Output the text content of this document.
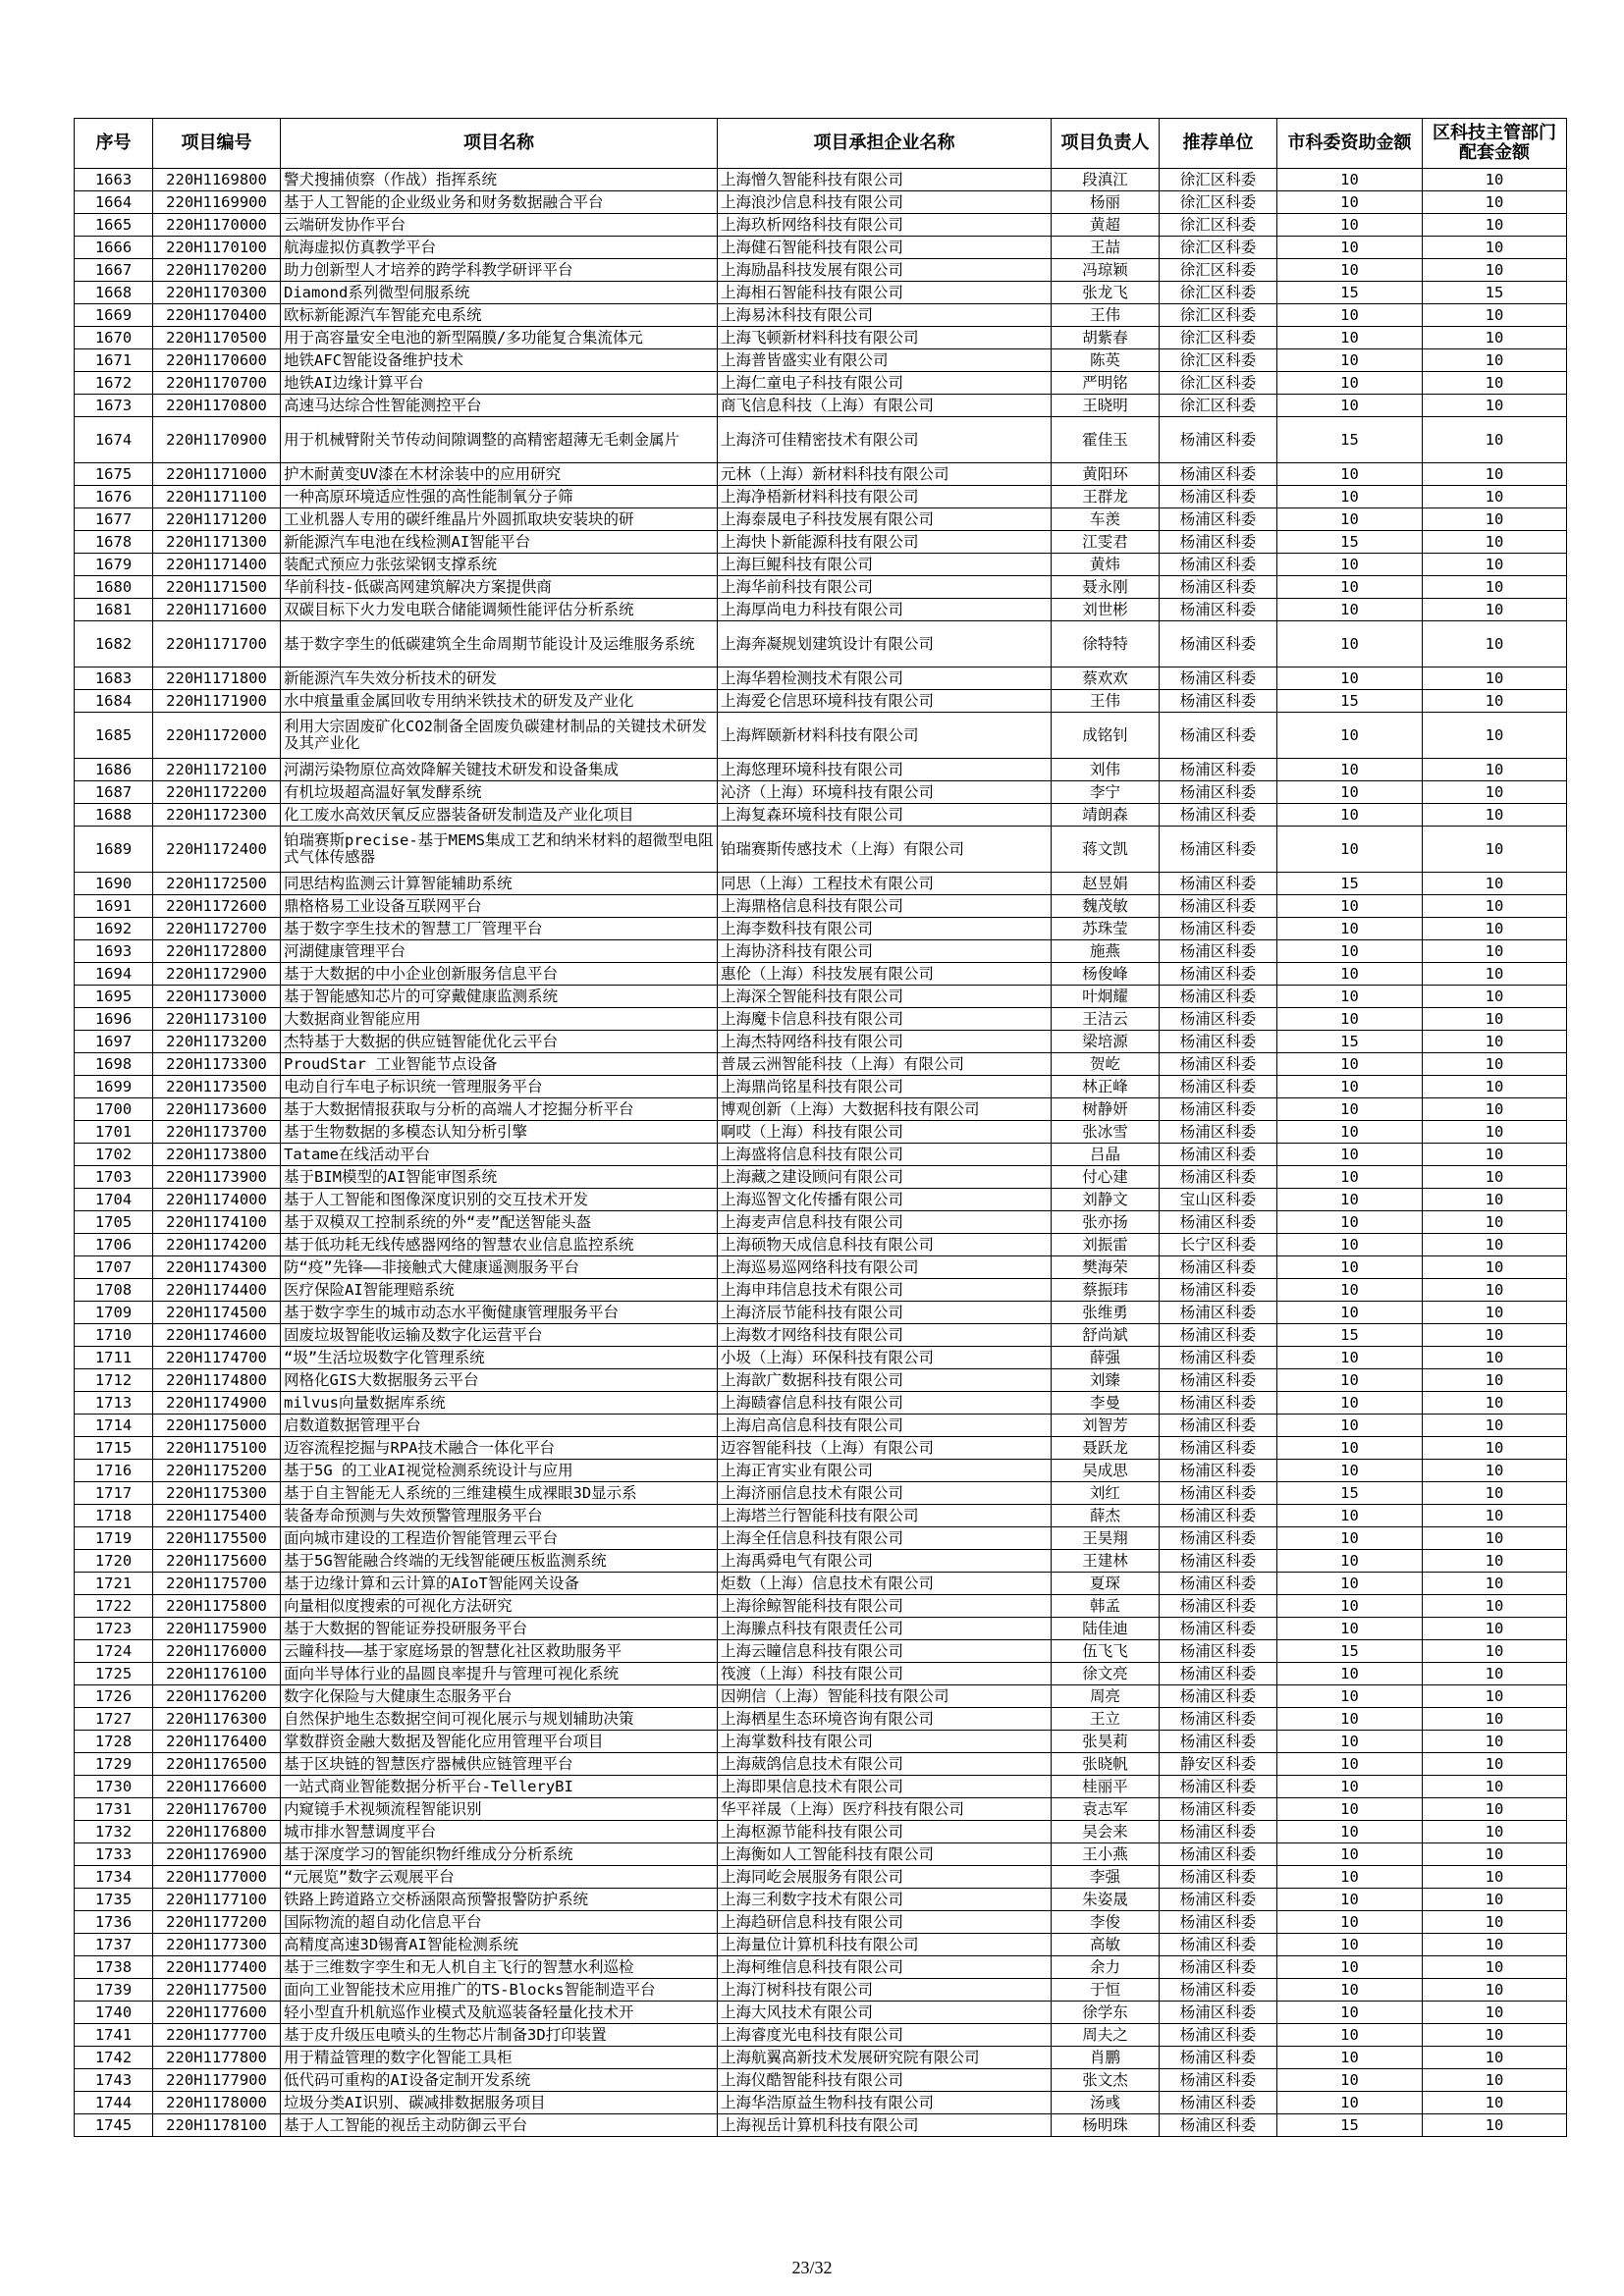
序号	项目编号	项目名称	项目承担企业名称	项目负责人	推荐单位	市科委资助金额	区科技主管部门配套金额
1663	220H1169800	警犬搜捕侦察（作战）指挥系统	上海憎久智能科技有限公司	段滇江	徐汇区科委	10	10
1664	220H1169900	基于人工智能的企业级业务和财务数据融合平台	上海浪沙信息科技有限公司	杨丽	徐汇区科委	10	10
1665	220H1170000	云端研发协作平台	上海玖析网络科技有限公司	黄超	徐汇区科委	10	10
1666	220H1170100	航海虚拟仿真教学平台	上海健石智能科技有限公司	王喆	徐汇区科委	10	10
1667	220H1170200	助力创新型人才培养的跨学科教学研评平台	上海励晶科技发展有限公司	冯琼颖	徐汇区科委	10	10
1668	220H1170300	Diamond系列微型伺服系统	上海相石智能科技有限公司	张龙飞	徐汇区科委	15	15
1669	220H1170400	欧标新能源汽车智能充电系统	上海易沐科技有限公司	王伟	徐汇区科委	10	10
1670	220H1170500	用于高容量安全电池的新型隔膜/多功能复合集流体元	上海飞顿新材料科技有限公司	胡紫春	徐汇区科委	10	10
1671	220H1170600	地铁AFC智能设备维护技术	上海普皆盛实业有限公司	陈英	徐汇区科委	10	10
1672	220H1170700	地铁AI边缘计算平台	上海仁童电子科技有限公司	严明铭	徐汇区科委	10	10
1673	220H1170800	高速马达综合性智能测控平台	商飞信息科技（上海）有限公司	王晓明	徐汇区科委	10	10
1674	220H1170900	用于机械臂附关节传动间隙调整的高精密超薄无毛刺金属片	上海济可佳精密技术有限公司	霍佳玉	杨浦区科委	15	10
1675	220H1171000	护木耐黄变UV漆在木材涂装中的应用研究	元林（上海）新材料科技有限公司	黄阳环	杨浦区科委	10	10
1676	220H1171100	一种高原环境适应性强的高性能制氧分子筛	上海净梧新材料科技有限公司	王群龙	杨浦区科委	10	10
1677	220H1171200	工业机器人专用的碳纤维晶片外圆抓取块安装块的研	上海泰晟电子科技发展有限公司	车羡	杨浦区科委	10	10
1678	220H1171300	新能源汽车电池在线检测AI智能平台	上海快卜新能源科技有限公司	江雯君	杨浦区科委	15	10
1679	220H1171400	装配式预应力张弦梁钢支撑系统	上海巨鲲科技有限公司	黄炜	杨浦区科委	10	10
1680	220H1171500	华前科技-低碳高网建筑解决方案提供商	上海华前科技有限公司	聂永刚	杨浦区科委	10	10
1681	220H1171600	双碳目标下火力发电联合储能调频性能评估分析系统	上海厚尚电力科技有限公司	刘世彬	杨浦区科委	10	10
1682	220H1171700	基于数字孪生的低碳建筑全生命周期节能设计及运维服务系统	上海奔凝规划建筑设计有限公司	徐特特	杨浦区科委	10	10
1683	220H1171800	新能源汽车失效分析技术的研发	上海华碧检测技术有限公司	蔡欢欢	杨浦区科委	10	10
1684	220H1171900	水中痕量重金属回收专用纳米铁技术的研发及产业化	上海爱仑信思环境科技有限公司	王伟	杨浦区科委	15	10
1685	220H1172000	利用大宗固废矿化CO2制备全固废负碳建材制品的关键技术研发及其产业化	上海辉颐新材料科技有限公司	成铭钊	杨浦区科委	10	10
1686	220H1172100	河湖污染物原位高效降解关键技术研发和设备集成	上海悠理环境科技有限公司	刘伟	杨浦区科委	10	10
1687	220H1172200	有机垃圾超高温好氧发酵系统	沁济（上海）环境科技有限公司	李宁	杨浦区科委	10	10
1688	220H1172300	化工废水高效厌氧反应器装备研发制造及产业化项目	上海复森环境科技有限公司	靖朗森	杨浦区科委	10	10
1689	220H1172400	铂瑞赛斯precise-基于MEMS集成工艺和纳米材料的超微型电阻式气体传感器	铂瑞赛斯传感技术（上海）有限公司	蒋文凯	杨浦区科委	10	10
1690	220H1172500	同思结构监测云计算智能辅助系统	同思（上海）工程技术有限公司	赵昱娟	杨浦区科委	15	10
1691	220H1172600	鼎格格易工业设备互联网平台	上海鼎格信息科技有限公司	魏茂敏	杨浦区科委	10	10
1692	220H1172700	基于数字孪生技术的智慧工厂管理平台	上海李数科技有限公司	苏珠莹	杨浦区科委	10	10
1693	220H1172800	河湖健康管理平台	上海协济科技有限公司	施燕	杨浦区科委	10	10
1694	220H1172900	基于大数据的中小企业创新服务信息平台	惠伦（上海）科技发展有限公司	杨俊峰	杨浦区科委	10	10
1695	220H1173000	基于智能感知芯片的可穿戴健康监测系统	上海深仝智能科技有限公司	叶炯耀	杨浦区科委	10	10
1696	220H1173100	大数据商业智能应用	上海魔卡信息科技有限公司	王洁云	杨浦区科委	10	10
1697	220H1173200	杰特基于大数据的供应链智能优化云平台	上海杰特网络科技有限公司	梁培源	杨浦区科委	15	10
1698	220H1173300	ProudStar 工业智能节点设备	普晟云洲智能科技（上海）有限公司	贺屹	杨浦区科委	10	10
1699	220H1173500	电动自行车电子标识统一管理服务平台	上海鼎尚铭星科技有限公司	林正峰	杨浦区科委	10	10
1700	220H1173600	基于大数据情报获取与分析的高端人才挖掘分析平台	博观创新（上海）大数据科技有限公司	树静妍	杨浦区科委	10	10
1701	220H1173700	基于生物数据的多模态认知分析引擎	啊哎（上海）科技有限公司	张冰雪	杨浦区科委	10	10
1702	220H1173800	Tatame在线活动平台	上海盛将信息科技有限公司	吕晶	杨浦区科委	10	10
1703	220H1173900	基于BIM模型的AI智能审图系统	上海藏之建设顾问有限公司	付心建	杨浦区科委	10	10
1704	220H1174000	基于人工智能和图像深度识别的交互技术开发	上海巡智文化传播有限公司	刘静文	宝山区科委	10	10
1705	220H1174100	基于双模双工控制系统的外“麦”配送智能头盔	上海麦声信息科技有限公司	张亦扬	杨浦区科委	10	10
1706	220H1174200	基于低功耗无线传感器网络的智慧农业信息监控系统	上海硕物天成信息科技有限公司	刘振雷	长宁区科委	10	10
1707	220H1174300	防“疫”先锋——非接触式大健康遥测服务平台	上海巡易巡网络科技有限公司	樊海荣	杨浦区科委	10	10
1708	220H1174400	医疗保险AI智能理赔系统	上海申玮信息技术有限公司	蔡振玮	杨浦区科委	10	10
1709	220H1174500	基于数字孪生的城市动态水平衡健康管理服务平台	上海济辰节能科技有限公司	张维勇	杨浦区科委	10	10
1710	220H1174600	固废垃圾智能收运输及数字化运营平台	上海数才网络科技有限公司	舒尚斌	杨浦区科委	15	10
1711	220H1174700	“圾”生活垃圾数字化管理系统	小圾（上海）环保科技有限公司	薛强	杨浦区科委	10	10
1712	220H1174800	网格化GIS大数据服务云平台	上海歆广数据科技有限公司	刘臻	杨浦区科委	10	10
1713	220H1174900	milvus向量数据库系统	上海赜睿信息科技有限公司	李曼	杨浦区科委	10	10
1714	220H1175000	启数道数据管理平台	上海启高信息科技有限公司	刘智芳	杨浦区科委	10	10
1715	220H1175100	迈容流程挖掘与RPA技术融合一体化平台	迈容智能科技（上海）有限公司	聂跃龙	杨浦区科委	10	10
1716	220H1175200	基于5G 的工业AI视觉检测系统设计与应用	上海正宵实业有限公司	吴成思	杨浦区科委	10	10
1717	220H1175300	基于自主智能无人系统的三维建模生成裸眼3D显示系	上海济丽信息技术有限公司	刘红	杨浦区科委	15	10
1718	220H1175400	装备寿命预测与失效预警管理服务平台	上海塔兰行智能科技有限公司	薛杰	杨浦区科委	10	10
1719	220H1175500	面向城市建设的工程造价智能管理云平台	上海全任信息科技有限公司	王昊翔	杨浦区科委	10	10
1720	220H1175600	基于5G智能融合终端的无线智能硬压板监测系统	上海禹舜电气有限公司	王建林	杨浦区科委	10	10
1721	220H1175700	基于边缘计算和云计算的AIoT智能网关设备	炬数（上海）信息技术有限公司	夏琛	杨浦区科委	10	10
1722	220H1175800	向量相似度搜索的可视化方法研究	上海徐鲸智能科技有限公司	韩孟	杨浦区科委	10	10
1723	220H1175900	基于大数据的智能证券投研服务平台	上海縢点科技有限责任公司	陆佳迪	杨浦区科委	10	10
1724	220H1176000	云瞳科技——基于家庭场景的智慧化社区救助服务平	上海云瞳信息科技有限公司	伍飞飞	杨浦区科委	15	10
1725	220H1176100	面向半导体行业的晶圆良率提升与管理可视化系统	筏渡（上海）科技有限公司	徐文亮	杨浦区科委	10	10
1726	220H1176200	数字化保险与大健康生态服务平台	因朔信（上海）智能科技有限公司	周亮	杨浦区科委	10	10
1727	220H1176300	自然保护地生态数据空间可视化展示与规划辅助决策	上海栖星生态环境咨询有限公司	王立	杨浦区科委	10	10
1728	220H1176400	掌数群资金融大数据及智能化应用管理平台项目	上海掌数科技有限公司	张昊莉	杨浦区科委	10	10
1729	220H1176500	基于区块链的智慧医疗器械供应链管理平台	上海葳鸽信息技术有限公司	张晓帆	静安区科委	10	10
1730	220H1176600	一站式商业智能数据分析平台-TelleryBI	上海即果信息技术有限公司	桂丽平	杨浦区科委	10	10
1731	220H1176700	内窥镜手术视频流程智能识别	华平祥晟（上海）医疗科技有限公司	袁志军	杨浦区科委	10	10
1732	220H1176800	城市排水智慧调度平台	上海枢源节能科技有限公司	吴会来	杨浦区科委	10	10
1733	220H1176900	基于深度学习的智能织物纤维成分分析系统	上海衡如人工智能科技有限公司	王小燕	杨浦区科委	10	10
1734	220H1177000	“元展览”数字云观展平台	上海同屹会展服务有限公司	李强	杨浦区科委	10	10
1735	220H1177100	铁路上跨道路立交桥涵限高预警报警防护系统	上海三利数字技术有限公司	朱姿晟	杨浦区科委	10	10
1736	220H1177200	国际物流的超自动化信息平台	上海趋研信息科技有限公司	李俊	杨浦区科委	10	10
1737	220H1177300	高精度高速3D锡膏AI智能检测系统	上海量位计算机科技有限公司	高敏	杨浦区科委	10	10
1738	220H1177400	基于三维数字孪生和无人机自主飞行的智慧水利巡检	上海柯维信息科技有限公司	余力	杨浦区科委	10	10
1739	220H1177500	面向工业智能技术应用推广的TS-Blocks智能制造平台	上海汀树科技有限公司	于恒	杨浦区科委	10	10
1740	220H1177600	轻小型直升机航巡作业模式及航巡装备轻量化技术开	上海大风技术有限公司	徐学东	杨浦区科委	10	10
1741	220H1177700	基于皮升级压电喷头的生物芯片制备3D打印装置	上海睿度光电科技有限公司	周夫之	杨浦区科委	10	10
1742	220H1177800	用于精益管理的数字化智能工具柜	上海航翼高新技术发展研究院有限公司	肖鹏	杨浦区科委	10	10
1743	220H1177900	低代码可重构的AI设备定制开发系统	上海仪酷智能科技有限公司	张文杰	杨浦区科委	10	10
1744	220H1178000	垃圾分类AI识别、碳减排数据服务项目	上海华浩原益生物科技有限公司	汤彧	杨浦区科委	10	10
1745	220H1178100	基于人工智能的视岳主动防御云平台	上海视岳计算机科技有限公司	杨明珠	杨浦区科委	15	10
23/32
